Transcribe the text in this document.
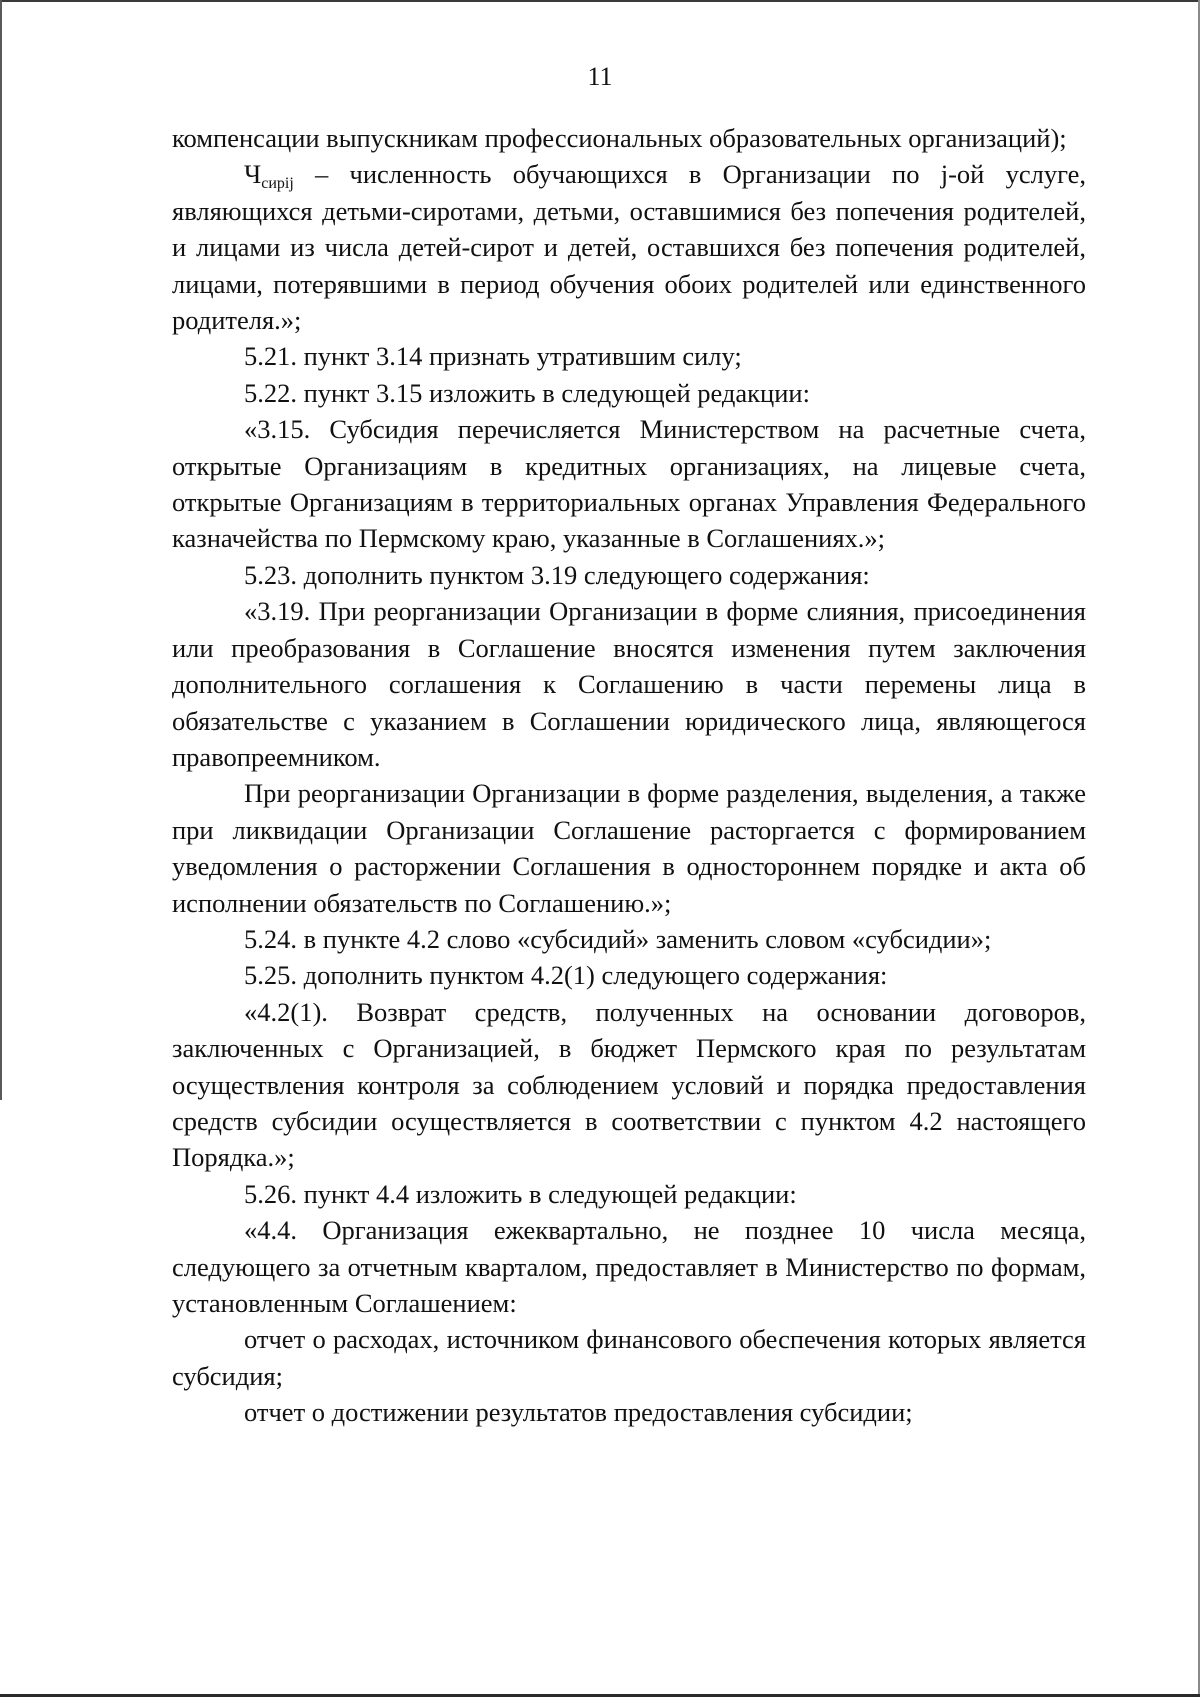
11

компенсации выпускникам профессиональных образовательных организаций);

$Ч_{сиpij}$ – численность обучающихся в Организации по j-ой услуге, являющихся детьми-сиротами, детьми, оставшимися без попечения родителей, и лицами из числа детей-сирот и детей, оставшихся без попечения родителей, лицами, потерявшими в период обучения обоих родителей или единственного родителя.»;

5.21. пункт 3.14 признать утратившим силу;

5.22. пункт 3.15 изложить в следующей редакции:

«3.15. Субсидия перечисляется Министерством на расчетные счета, открытые Организациям в кредитных организациях, на лицевые счета, открытые Организациям в территориальных органах Управления Федерального казначейства по Пермскому краю, указанные в Соглашениях.»;

5.23. дополнить пунктом 3.19 следующего содержания:

«3.19. При реорганизации Организации в форме слияния, присоединения или преобразования в Соглашение вносятся изменения путем заключения дополнительного соглашения к Соглашению в части перемены лица в обязательстве с указанием в Соглашении юридического лица, являющегося правопреемником.

При реорганизации Организации в форме разделения, выделения, а также при ликвидации Организации Соглашение расторгается с формированием уведомления о расторжении Соглашения в одностороннем порядке и акта об исполнении обязательств по Соглашению.»;

5.24. в пункте 4.2 слово «субсидий» заменить словом «субсидии»;

5.25. дополнить пунктом 4.2(1) следующего содержания:

«4.2(1). Возврат средств, полученных на основании договоров, заключенных с Организацией, в бюджет Пермского края по результатам осуществления контроля за соблюдением условий и порядка предоставления средств субсидии осуществляется в соответствии с пунктом 4.2 настоящего Порядка.»;

5.26. пункт 4.4 изложить в следующей редакции:

«4.4. Организация ежеквартально, не позднее 10 числа месяца, следующего за отчетным кварталом, предоставляет в Министерство по формам, установленным Соглашением:

отчет о расходах, источником финансового обеспечения которых является субсидия;

отчет о достижении результатов предоставления субсидии;
